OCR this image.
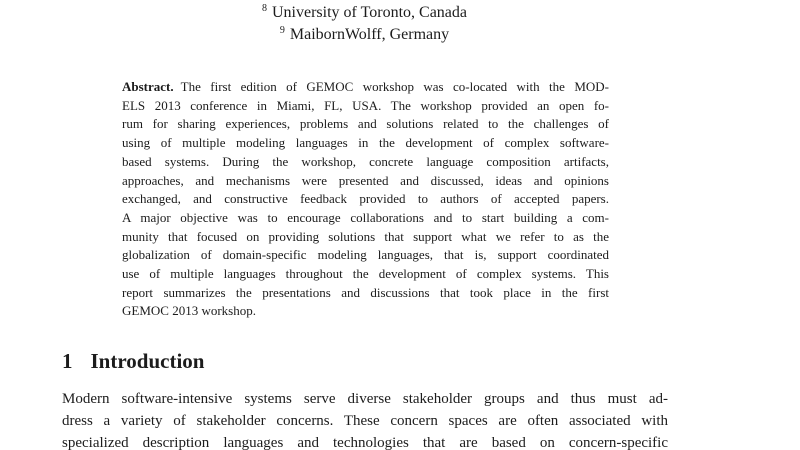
$^8$ University of Toronto, Canada
$^9$ MaibornWolff, Germany
Abstract. The first edition of GEMOC workshop was co-located with the MOD-
ELS 2013 conference in Miami, FL, USA. The workshop provided an open fo-
rum for sharing experiences, problems and solutions related to the challenges of
using of multiple modeling languages in the development of complex software-
based systems. During the workshop, concrete language composition artifacts,
approaches, and mechanisms were presented and discussed, ideas and opinions
exchanged, and constructive feedback provided to authors of accepted papers.
A major objective was to encourage collaborations and to start building a com-
munity that focused on providing solutions that support what we refer to as the
globalization of domain-specific modeling languages, that is, support coordinated
use of multiple languages throughout the development of complex systems. This
report summarizes the presentations and discussions that took place in the first
GEMOC 2013 workshop.
1 Introduction
Modern software-intensive systems serve diverse stakeholder groups and thus must ad-
dress a variety of stakeholder concerns. These concern spaces are often associated with
specialized description languages and technologies that are based on concern-specific
